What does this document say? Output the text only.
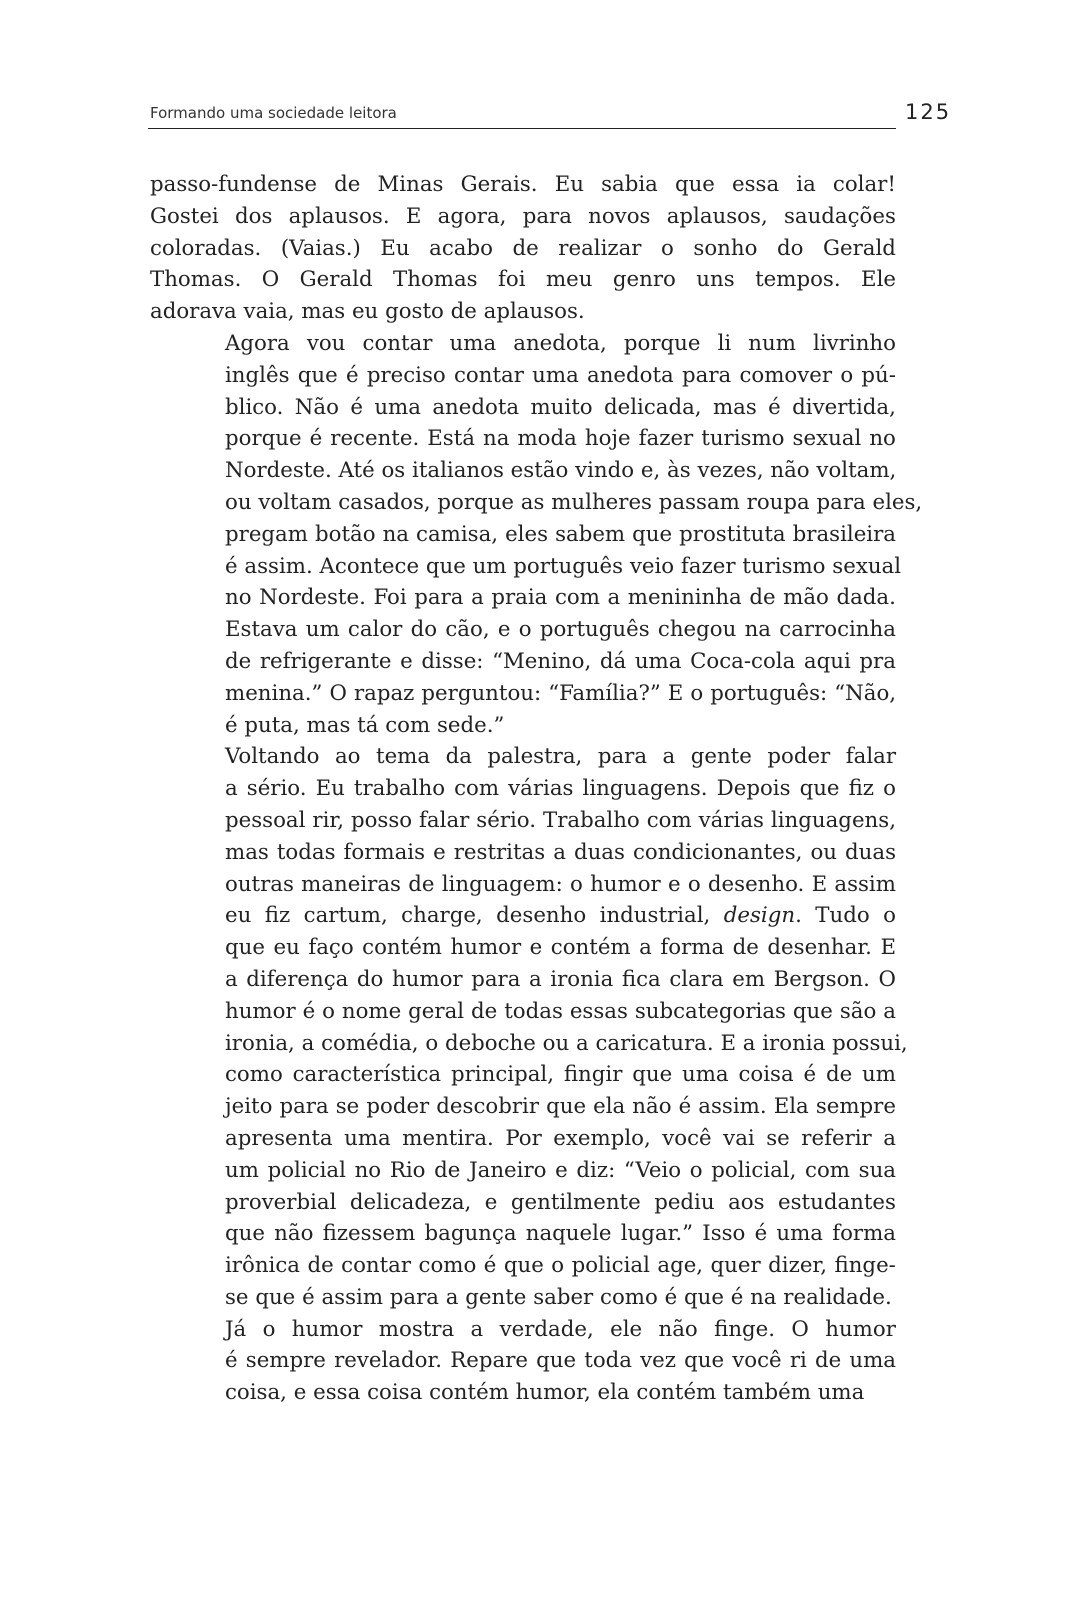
Formando uma sociedade leitora	125

passo-fundense de Minas Gerais. Eu sabia que essa ia colar!
Gostei dos aplausos. E agora, para novos aplausos, saudações
coloradas. (Vaias.) Eu acabo de realizar o sonho do Gerald
Thomas. O Gerald Thomas foi meu genro uns tempos. Ele
adorava vaia, mas eu gosto de aplausos.

Agora vou contar uma anedota, porque li num livrinho
inglês que é preciso contar uma anedota para comover o pú-
blico. Não é uma anedota muito delicada, mas é divertida,
porque é recente. Está na moda hoje fazer turismo sexual no
Nordeste. Até os italianos estão vindo e, às vezes, não voltam,
ou voltam casados, porque as mulheres passam roupa para eles,
pregam botão na camisa, eles sabem que prostituta brasileira
é assim. Acontece que um português veio fazer turismo sexual
no Nordeste. Foi para a praia com a menininha de mão dada.
Estava um calor do cão, e o português chegou na carrocinha
de refrigerante e disse: “Menino, dá uma Coca-cola aqui pra
menina.” O rapaz perguntou: “Família?” E o português: “Não,
é puta, mas tá com sede.”

Voltando ao tema da palestra, para a gente poder falar
a sério. Eu trabalho com várias linguagens. Depois que fiz o
pessoal rir, posso falar sério. Trabalho com várias linguagens,
mas todas formais e restritas a duas condicionantes, ou duas
outras maneiras de linguagem: o humor e o desenho. E assim
eu fiz cartum, charge, desenho industrial, design. Tudo o
que eu faço contém humor e contém a forma de desenhar. E
a diferença do humor para a ironia fica clara em Bergson. O
humor é o nome geral de todas essas subcategorias que são a
ironia, a comédia, o deboche ou a caricatura. E a ironia possui,
como característica principal, fingir que uma coisa é de um
jeito para se poder descobrir que ela não é assim. Ela sempre
apresenta uma mentira. Por exemplo, você vai se referir a
um policial no Rio de Janeiro e diz: “Veio o policial, com sua
proverbial delicadeza, e gentilmente pediu aos estudantes
que não fizessem bagunça naquele lugar.” Isso é uma forma
irônica de contar como é que o policial age, quer dizer, finge-
se que é assim para a gente saber como é que é na realidade.

Já o humor mostra a verdade, ele não finge. O humor
é sempre revelador. Repare que toda vez que você ri de uma
coisa, e essa coisa contém humor, ela contém também uma
